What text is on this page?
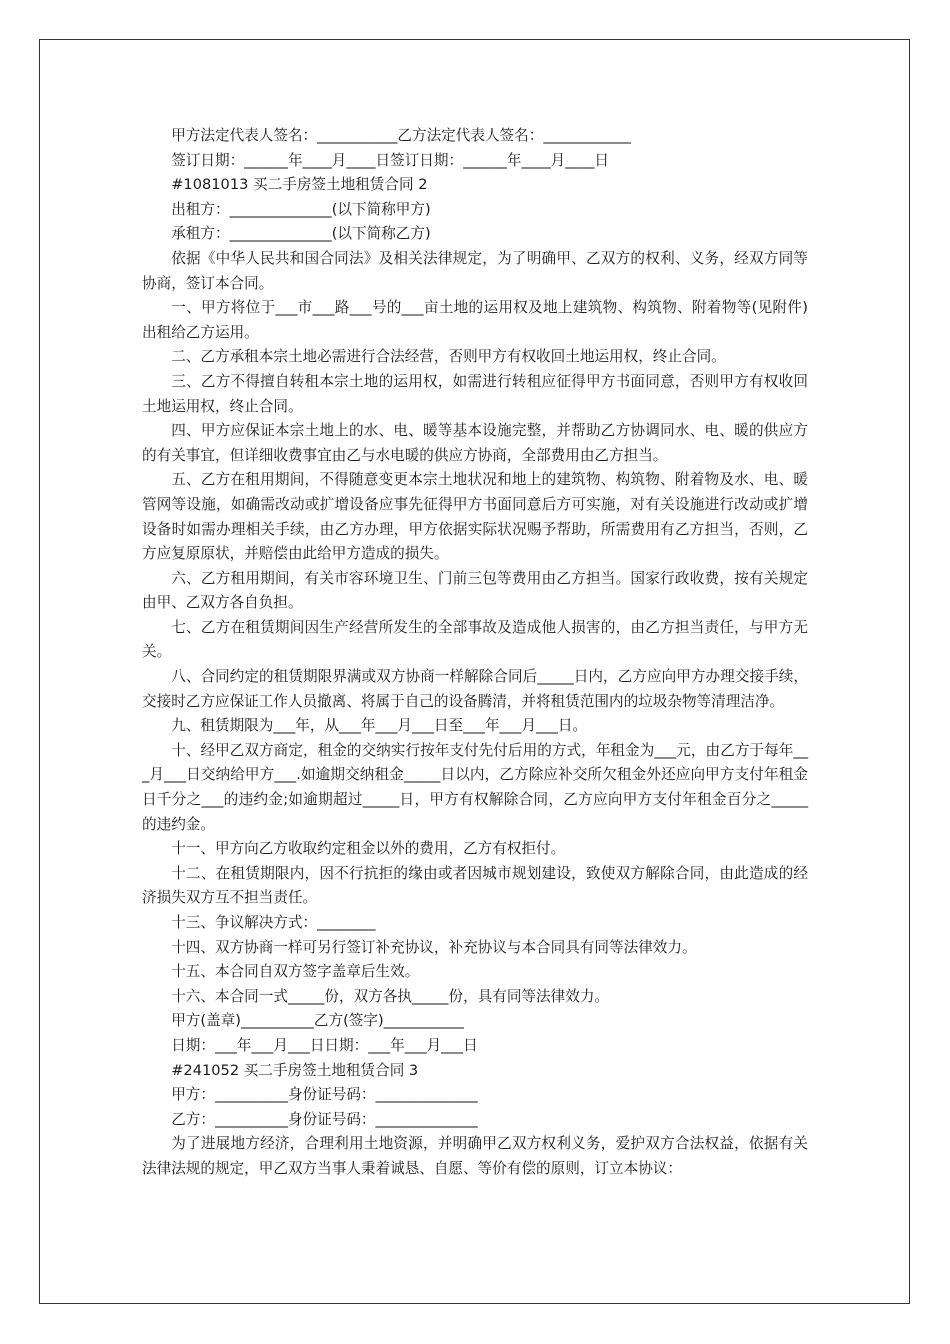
甲方法定代表人签名：___________乙方法定代表人签名：____________

签订日期：______年____月____日签订日期：______年____月____日

#1081013 买二手房签土地租赁合同 2

出租方：______________(以下简称甲方)

承租方：______________(以下简称乙方)

依据《中华人民共和国合同法》及相关法律规定，为了明确甲、乙双方的权利、义务，经双方同等协商，签订本合同。

一、甲方将位于___市___路___号的___亩土地的运用权及地上建筑物、构筑物、附着物等(见附件)出租给乙方运用。

二、乙方承租本宗土地必需进行合法经营，否则甲方有权收回土地运用权，终止合同。

三、乙方不得擅自转租本宗土地的运用权，如需进行转租应征得甲方书面同意，否则甲方有权收回土地运用权，终止合同。

四、甲方应保证本宗土地上的水、电、暖等基本设施完整，并帮助乙方协调同水、电、暖的供应方的有关事宜，但详细收费事宜由乙与水电暖的供应方协商，全部费用由乙方担当。

五、乙方在租用期间，不得随意变更本宗土地状况和地上的建筑物、构筑物、附着物及水、电、暖管网等设施，如确需改动或扩增设备应事先征得甲方书面同意后方可实施，对有关设施进行改动或扩增设备时如需办理相关手续，由乙方办理，甲方依据实际状况赐予帮助，所需费用有乙方担当，否则，乙方应复原原状，并赔偿由此给甲方造成的损失。

六、乙方租用期间，有关市容环境卫生、门前三包等费用由乙方担当。国家行政收费，按有关规定由甲、乙双方各自负担。

七、乙方在租赁期间因生产经营所发生的全部事故及造成他人损害的，由乙方担当责任，与甲方无关。

八、合同约定的租赁期限界满或双方协商一样解除合同后_____日内，乙方应向甲方办理交接手续，交接时乙方应保证工作人员撤离、将属于自己的设备腾清，并将租赁范围内的垃圾杂物等清理洁净。

九、租赁期限为___年，从___年___月___日至___年___月___日。

十、经甲乙双方商定，租金的交纳实行按年支付先付后用的方式，年租金为___元，由乙方于每年___月___日交纳给甲方___.如逾期交纳租金_____日以内，乙方除应补交所欠租金外还应向甲方支付年租金日千分之___的违约金;如逾期超过_____日，甲方有权解除合同，乙方应向甲方支付年租金百分之_____的违约金。

十一、甲方向乙方收取约定租金以外的费用，乙方有权拒付。

十二、在租赁期限内，因不行抗拒的缘由或者因城市规划建设，致使双方解除合同，由此造成的经济损失双方互不担当责任。

十三、争议解决方式：________

十四、双方协商一样可另行签订补充协议，补充协议与本合同具有同等法律效力。

十五、本合同自双方签字盖章后生效。

十六、本合同一式_____份，双方各执_____份，具有同等法律效力。

甲方(盖章)__________乙方(签字)___________

日期：___年___月___日日期：___年___月___日

#241052 买二手房签土地租赁合同 3

甲方：__________身份证号码：______________

乙方：__________身份证号码：______________

为了进展地方经济，合理利用土地资源，并明确甲乙双方权利义务，爱护双方合法权益，依据有关法律法规的规定，甲乙双方当事人秉着诚恳、自愿、等价有偿的原则，订立本协议：
